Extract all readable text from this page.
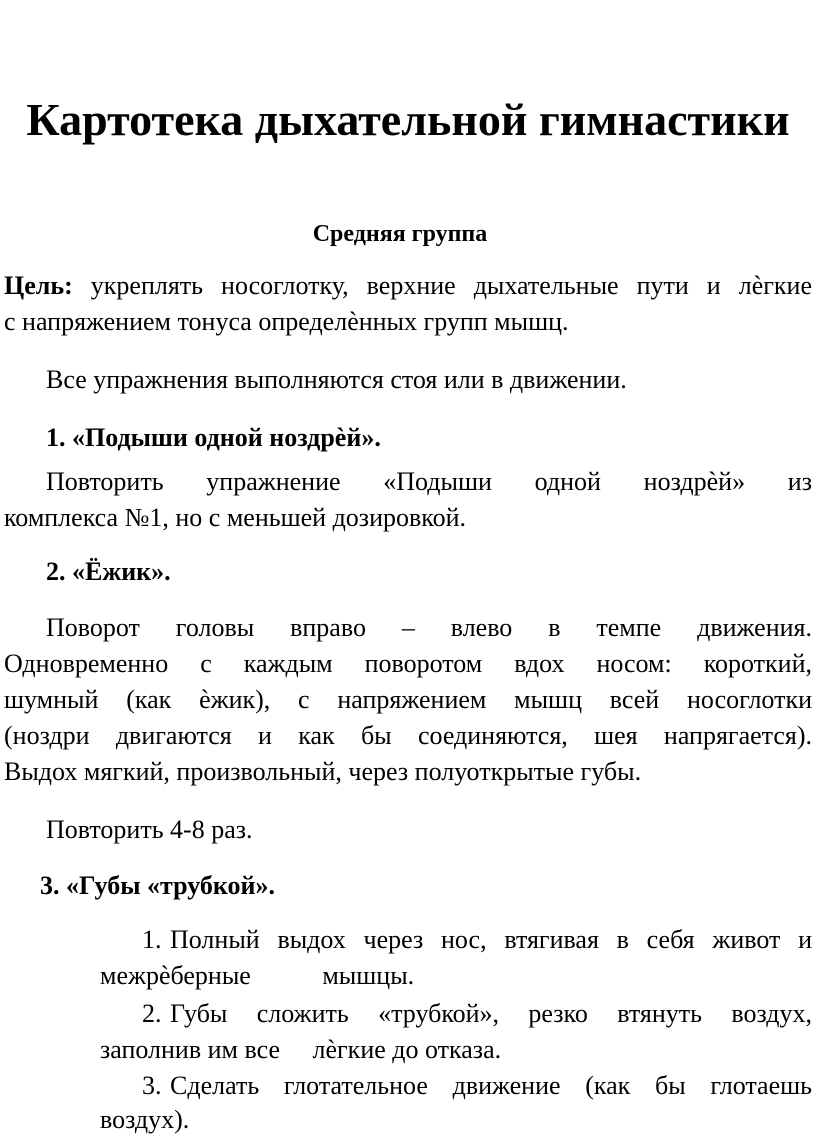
Картотека дыхательной гимнастики
Средняя группа
Цель: укреплять носоглотку, верхние дыхательные пути и лѐгкие
с напряжением тонуса определѐнных групп мышц.
Все упражнения выполняются стоя или в движении.
1. «Подыши одной ноздрѐй».
Повторить упражнение «Подыши одной ноздрѐй» из
комплекса №1, но с меньшей дозировкой.
2. «Ёжик».
Поворот головы вправо – влево в темпе движения.
Одновременно с каждым поворотом вдох носом: короткий,
шумный (как ѐжик), с напряжением мышц всей носоглотки
(ноздри двигаются и как бы соединяются, шея напрягается).
Выдох мягкий, произвольный, через полуоткрытые губы.
Повторить 4-8 раз.
3. «Губы «трубкой».
1. Полный выдох через нос, втягивая в себя живот и
межрѐберные           мышцы.
2. Губы сложить «трубкой», резко втянуть воздух,
заполнив им все     лѐгкие до отказа.
3. Сделать глотательное движение (как бы глотаешь
воздух).
